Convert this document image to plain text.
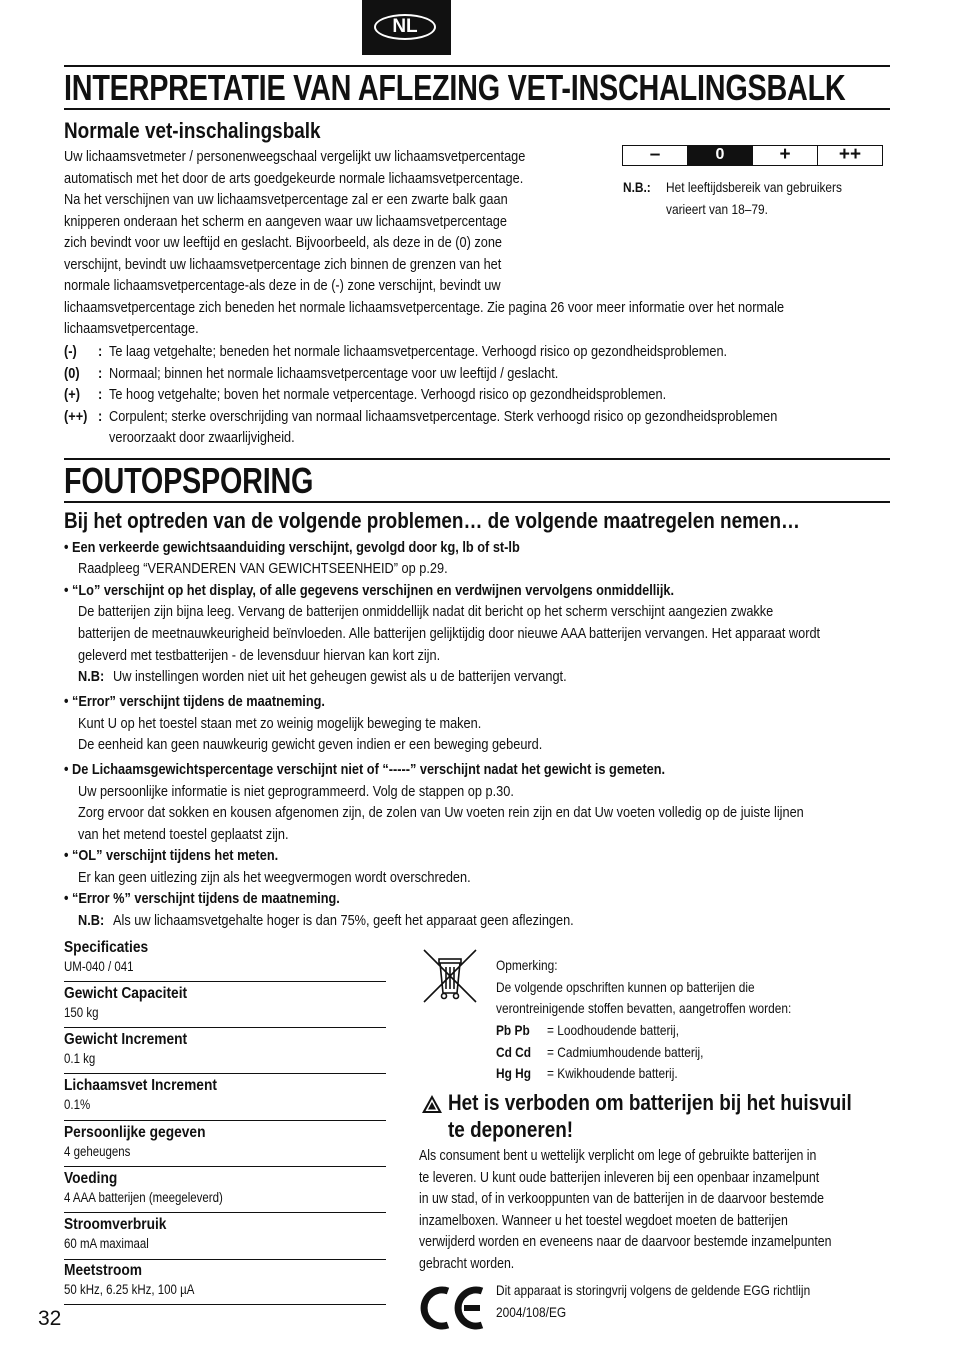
NL
INTERPRETATIE VAN AFLEZING VET-INSCHALINGSBALK
Normale vet-inschalingsbalk
Uw lichaamsvetmeter / personenweegschaal vergelijkt uw lichaamsvetpercentage
automatisch met het door de arts goedgekeurde normale lichaamsvetpercentage.
Na het verschijnen van uw lichaamsvetpercentage zal er een zwarte balk gaan
knipperen onderaan het scherm en aangeven waar uw lichaamsvetpercentage
zich bevindt voor uw leeftijd en geslacht. Bijvoorbeeld, als deze in de (0) zone
verschijnt, bevindt uw lichaamsvetpercentage zich binnen de grenzen van het
normale lichaamsvetpercentage-als deze in de (-) zone verschijnt, bevindt uw
lichaamsvetpercentage zich beneden het normale lichaamsvetpercentage. Zie pagina 26 voor meer informatie over het normale
lichaamsvetpercentage.
–	0	+	++
N.B.: Het leeftijdsbereik van gebruikers
varieert van 18–79.
(-) : Te laag vetgehalte; beneden het normale lichaamsvetpercentage. Verhoogd risico op gezondheidsproblemen.
(0) : Normaal; binnen het normale lichaamsvetpercentage voor uw leeftijd / geslacht.
(+) : Te hoog vetgehalte; boven het normale vetpercentage. Verhoogd risico op gezondheidsproblemen.
(++) : Corpulent; sterke overschrijding van normaal lichaamsvetpercentage. Sterk verhoogd risico op gezondheidsproblemen
veroorzaakt door zwaarlijvigheid.
FOUTOPSPORING
Bij het optreden van de volgende problemen… de volgende maatregelen nemen…
• Een verkeerde gewichtsaanduiding verschijnt, gevolgd door kg, lb of st-lb
Raadpleeg “VERANDEREN VAN GEWICHTSEENHEID” op p.29.
• “Lo” verschijnt op het display, of alle gegevens verschijnen en verdwijnen vervolgens onmiddellijk.
De batterijen zijn bijna leeg. Vervang de batterijen onmiddellijk nadat dit bericht op het scherm verschijnt aangezien zwakke
batterijen de meetnauwkeurigheid beïnvloeden. Alle batterijen gelijktijdig door nieuwe AAA batterijen vervangen. Het apparaat wordt
geleverd met testbatterijen - de levensduur hiervan kan kort zijn.
N.B: Uw instellingen worden niet uit het geheugen gewist als u de batterijen vervangt.
• “Error” verschijnt tijdens de maatneming.
Kunt U op het toestel staan met zo weinig mogelijk beweging te maken.
De eenheid kan geen nauwkeurig gewicht geven indien er een beweging gebeurd.
• De Lichaamsgewichtspercentage verschijnt niet of “-----” verschijnt nadat het gewicht is gemeten.
Uw persoonlijke informatie is niet geprogrammeerd. Volg de stappen op p.30.
Zorg ervoor dat sokken en kousen afgenomen zijn, de zolen van Uw voeten rein zijn en dat Uw voeten volledig op de juiste lijnen
van het metend toestel geplaatst zijn.
• “OL” verschijnt tijdens het meten.
Er kan geen uitlezing zijn als het weegvermogen wordt overschreden.
• “Error %” verschijnt tijdens de maatneming.
N.B: Als uw lichaamsvetgehalte hoger is dan 75%, geeft het apparaat geen aflezingen.
Specificaties
UM-040 / 041
Gewicht Capaciteit
150 kg
Gewicht Increment
0.1 kg
Lichaamsvet Increment
0.1%
Persoonlijke gegeven
4 geheugens
Voeding
4 AAA batterijen (meegeleverd)
Stroomverbruik
60 mA maximaal
Meetstroom
50 kHz, 6.25 kHz, 100 µA
Opmerking:
De volgende opschriften kunnen op batterijen die
verontreinigende stoffen bevatten, aangetroffen worden:
Pb Pb = Loodhoudende batterij,
Cd Cd = Cadmiumhoudende batterij,
Hg Hg = Kwikhoudende batterij.
Het is verboden om batterijen bij het huisvuil
te deponeren!
Als consument bent u wettelijk verplicht om lege of gebruikte batterijen in
te leveren. U kunt oude batterijen inleveren bij een openbaar inzamelpunt
in uw stad, of in verkooppunten van de batterijen in de daarvoor bestemde
inzamelboxen. Wanneer u het toestel wegdoet moeten de batterijen
verwijderd worden en eveneens naar de daarvoor bestemde inzamelpunten
gebracht worden.
Dit apparaat is storingvrij volgens de geldende EGG richtlijn
2004/108/EG
32
